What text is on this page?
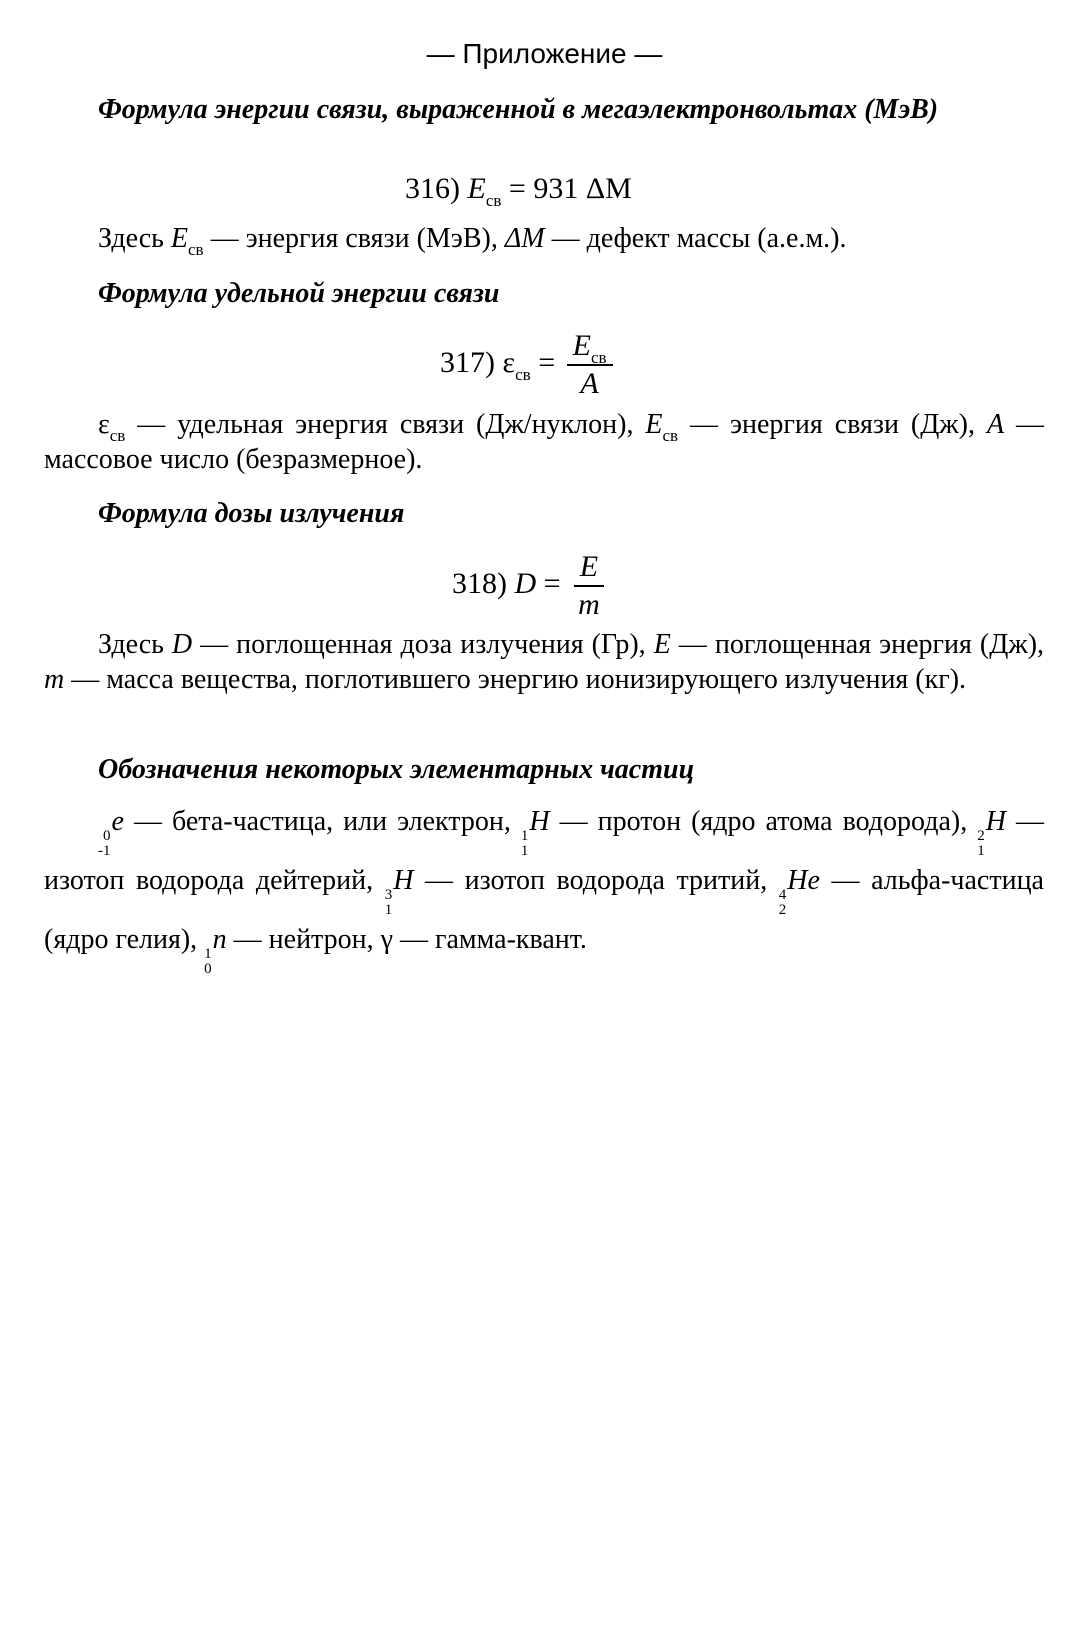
— Приложение —
Формула энергии связи, выраженной в мегаэлектронвольтах (МэВ)
316) $E_{св} = 931$ ΔM
Здесь $E_{св}$ — энергия связи (МэВ), ΔM — дефект массы (а.е.м.).
Формула удельной энергии связи
317) $\varepsilon_{св} = \frac{E_{св}}{A}$
$\varepsilon_{св}$ — удельная энергия связи (Дж/нуклон), $E_{св}$ — энергия связи (Дж), A — массовое число (безразмерное).
Формула дозы излучения
318) $D = \frac{E}{m}$
Здесь D — поглощенная доза излучения (Гр), E — поглощенная энергия (Дж), m — масса вещества, поглотившего энергию ионизирующего излучения (кг).
Обозначения некоторых элементарных частиц
0
-1
e — бета-частица, или электрон, 1
1
H — протон (ядро атома водорода), 2
1
H — изотоп водорода дейтерий, 3
1
H — изотоп водорода тритий, 4
2
He — альфа-частица (ядро гелия), 1
0
n — нейтрон, γ — гамма-квант.
